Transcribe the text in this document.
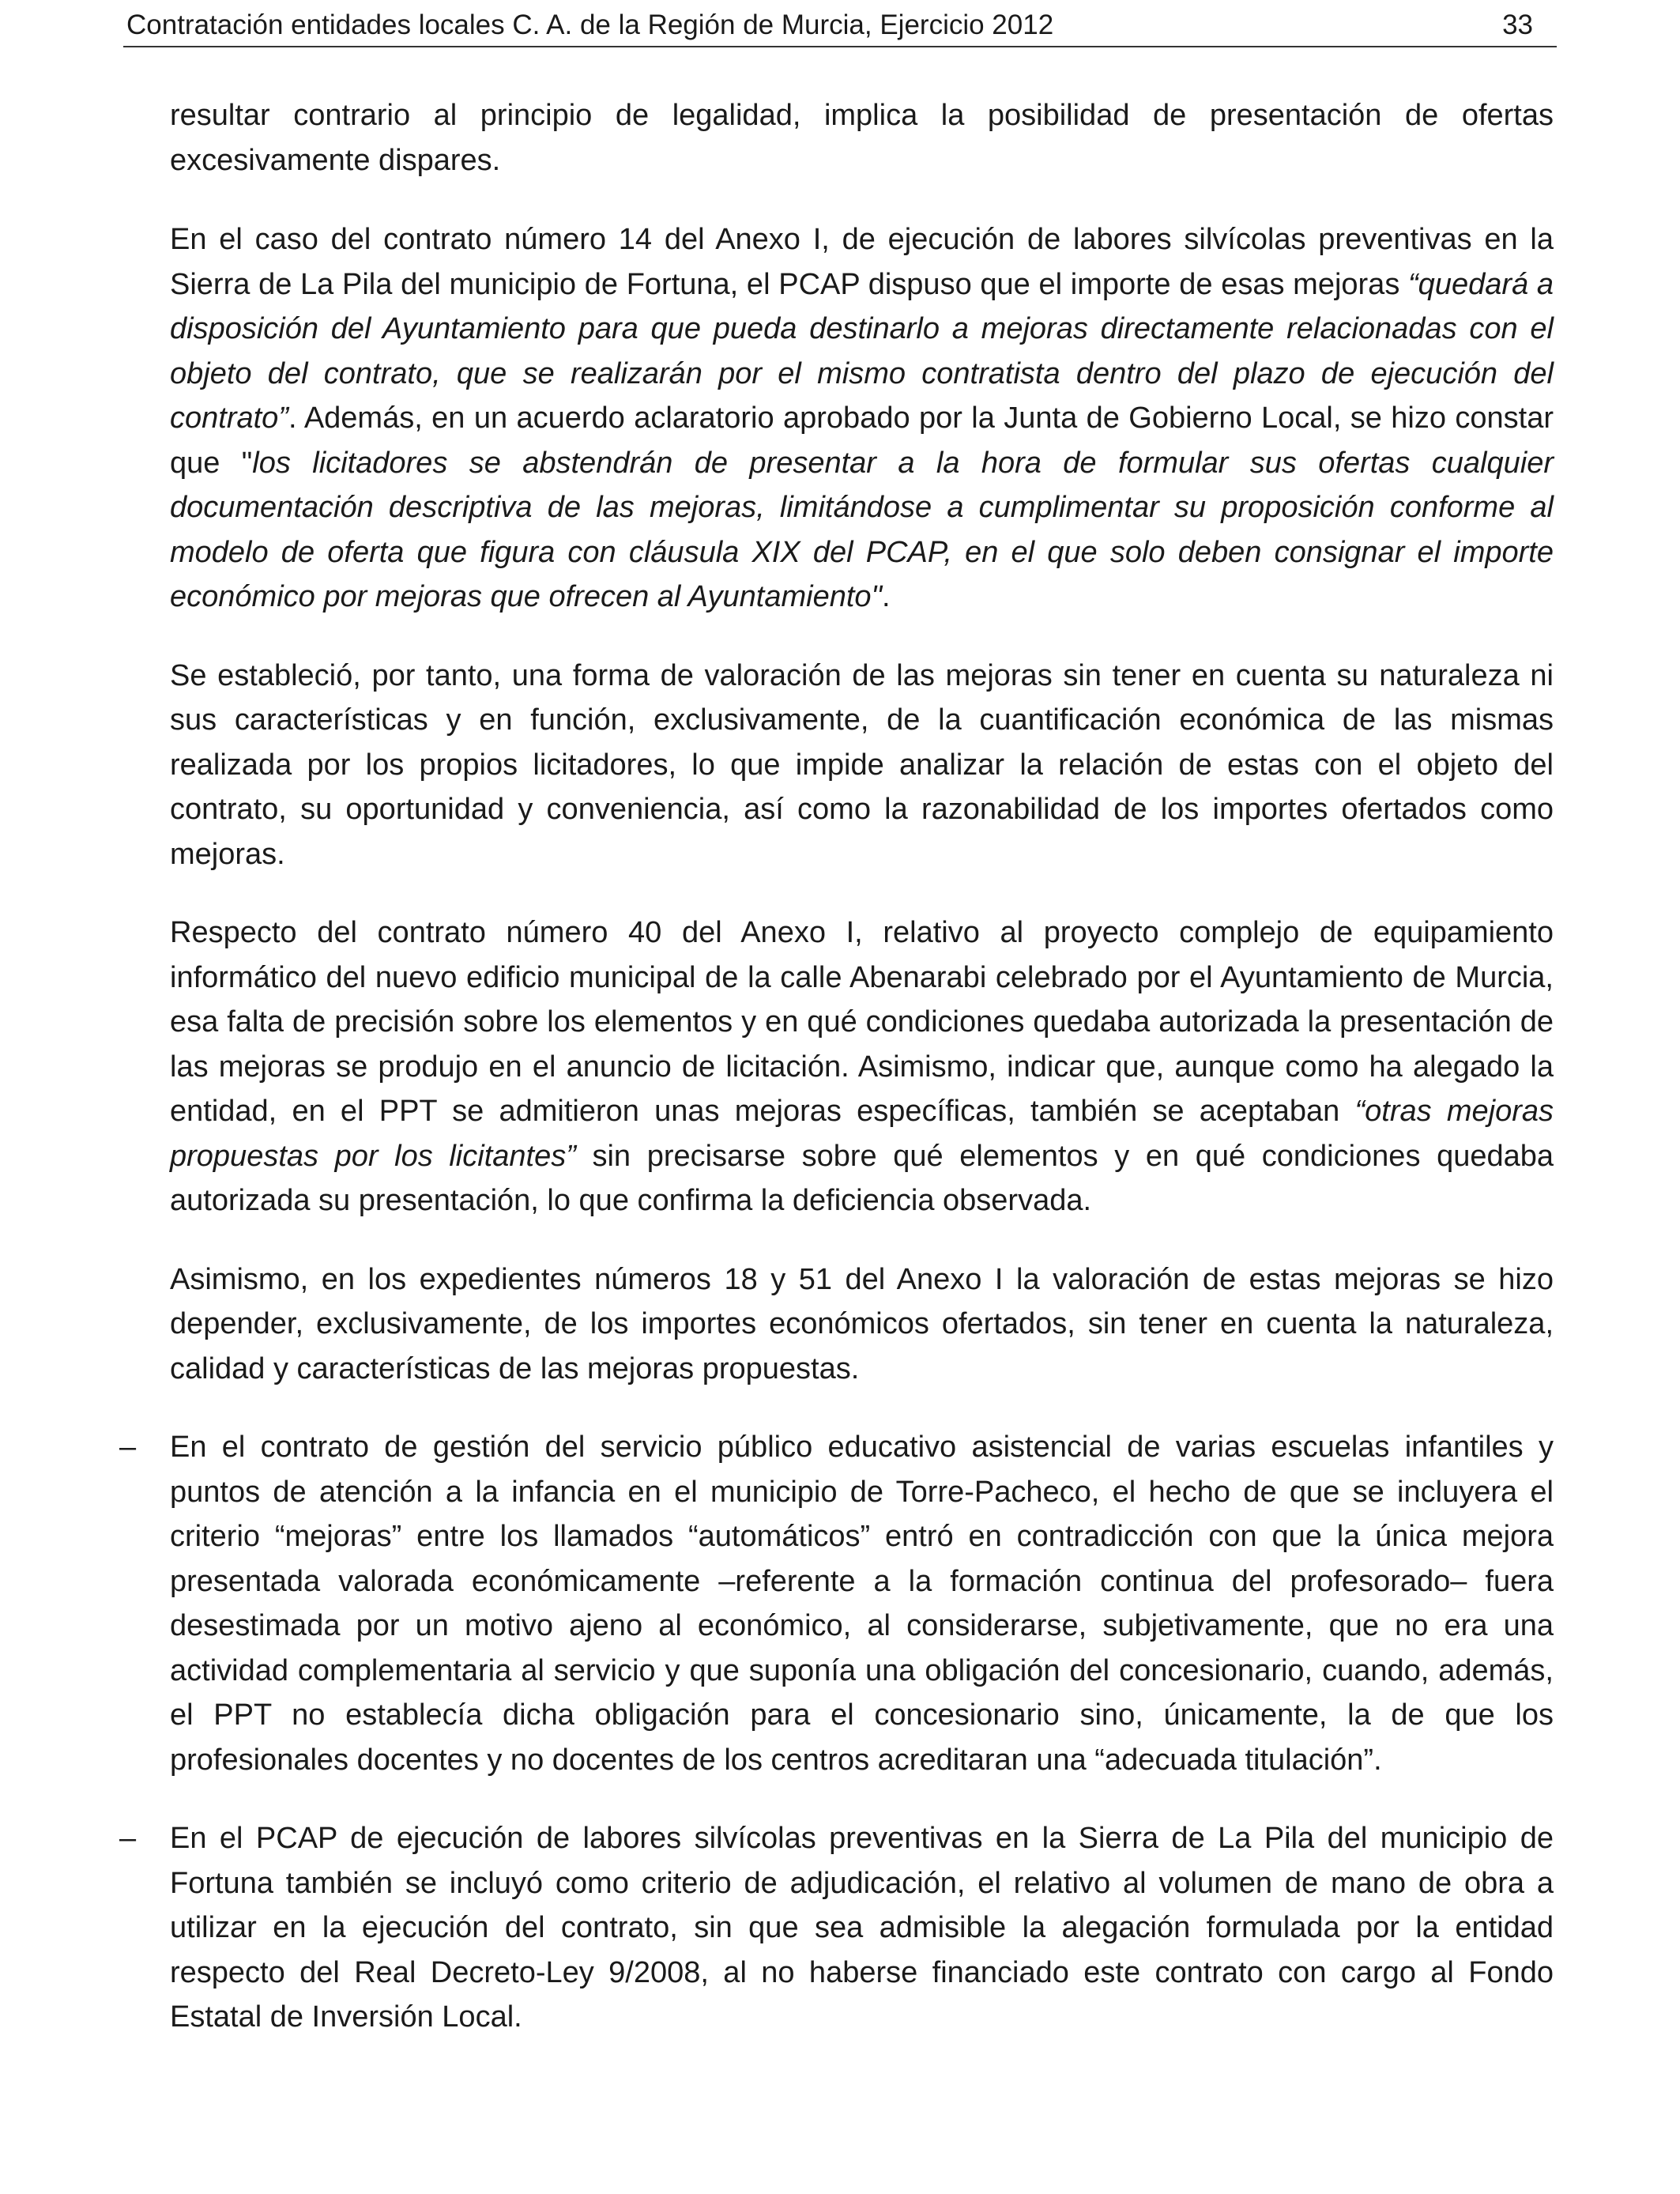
Contratación entidades locales C. A. de la Región de Murcia, Ejercicio 2012	33

resultar contrario al principio de legalidad, implica la posibilidad de presentación de ofertas excesivamente dispares.

En el caso del contrato número 14 del Anexo I, de ejecución de labores silvícolas preventivas en la Sierra de La Pila del municipio de Fortuna, el PCAP dispuso que el importe de esas mejoras “quedará a disposición del Ayuntamiento para que pueda destinarlo a mejoras directamente relacionadas con el objeto del contrato, que se realizarán por el mismo contratista dentro del plazo de ejecución del contrato”. Además, en un acuerdo aclaratorio aprobado por la Junta de Gobierno Local, se hizo constar que "los licitadores se abstendrán de presentar a la hora de formular sus ofertas cualquier documentación descriptiva de las mejoras, limitándose a cumplimentar su proposición conforme al modelo de oferta que figura con cláusula XIX del PCAP, en el que solo deben consignar el importe económico por mejoras que ofrecen al Ayuntamiento".

Se estableció, por tanto, una forma de valoración de las mejoras sin tener en cuenta su naturaleza ni sus características y en función, exclusivamente, de la cuantificación económica de las mismas realizada por los propios licitadores, lo que impide analizar la relación de estas con el objeto del contrato, su oportunidad y conveniencia, así como la razonabilidad de los importes ofertados como mejoras.

Respecto del contrato número 40 del Anexo I, relativo al proyecto complejo de equipamiento informático del nuevo edificio municipal de la calle Abenarabi celebrado por el Ayuntamiento de Murcia, esa falta de precisión sobre los elementos y en qué condiciones quedaba autorizada la presentación de las mejoras se produjo en el anuncio de licitación. Asimismo, indicar que, aunque como ha alegado la entidad, en el PPT se admitieron unas mejoras específicas, también se aceptaban “otras mejoras propuestas por los licitantes” sin precisarse sobre qué elementos y en qué condiciones quedaba autorizada su presentación, lo que confirma la deficiencia observada.

Asimismo, en los expedientes números 18 y 51 del Anexo I la valoración de estas mejoras se hizo depender, exclusivamente, de los importes económicos ofertados, sin tener en cuenta la naturaleza, calidad y características de las mejoras propuestas.

– En el contrato de gestión del servicio público educativo asistencial de varias escuelas infantiles y puntos de atención a la infancia en el municipio de Torre-Pacheco, el hecho de que se incluyera el criterio “mejoras” entre los llamados “automáticos” entró en contradicción con que la única mejora presentada valorada económicamente –referente a la formación continua del profesorado– fuera desestimada por un motivo ajeno al económico, al considerarse, subjetivamente, que no era una actividad complementaria al servicio y que suponía una obligación del concesionario, cuando, además, el PPT no establecía dicha obligación para el concesionario sino, únicamente, la de que los profesionales docentes y no docentes de los centros acreditaran una “adecuada titulación”.

– En el PCAP de ejecución de labores silvícolas preventivas en la Sierra de La Pila del municipio de Fortuna también se incluyó como criterio de adjudicación, el relativo al volumen de mano de obra a utilizar en la ejecución del contrato, sin que sea admisible la alegación formulada por la entidad respecto del Real Decreto-Ley 9/2008, al no haberse financiado este contrato con cargo al Fondo Estatal de Inversión Local.
